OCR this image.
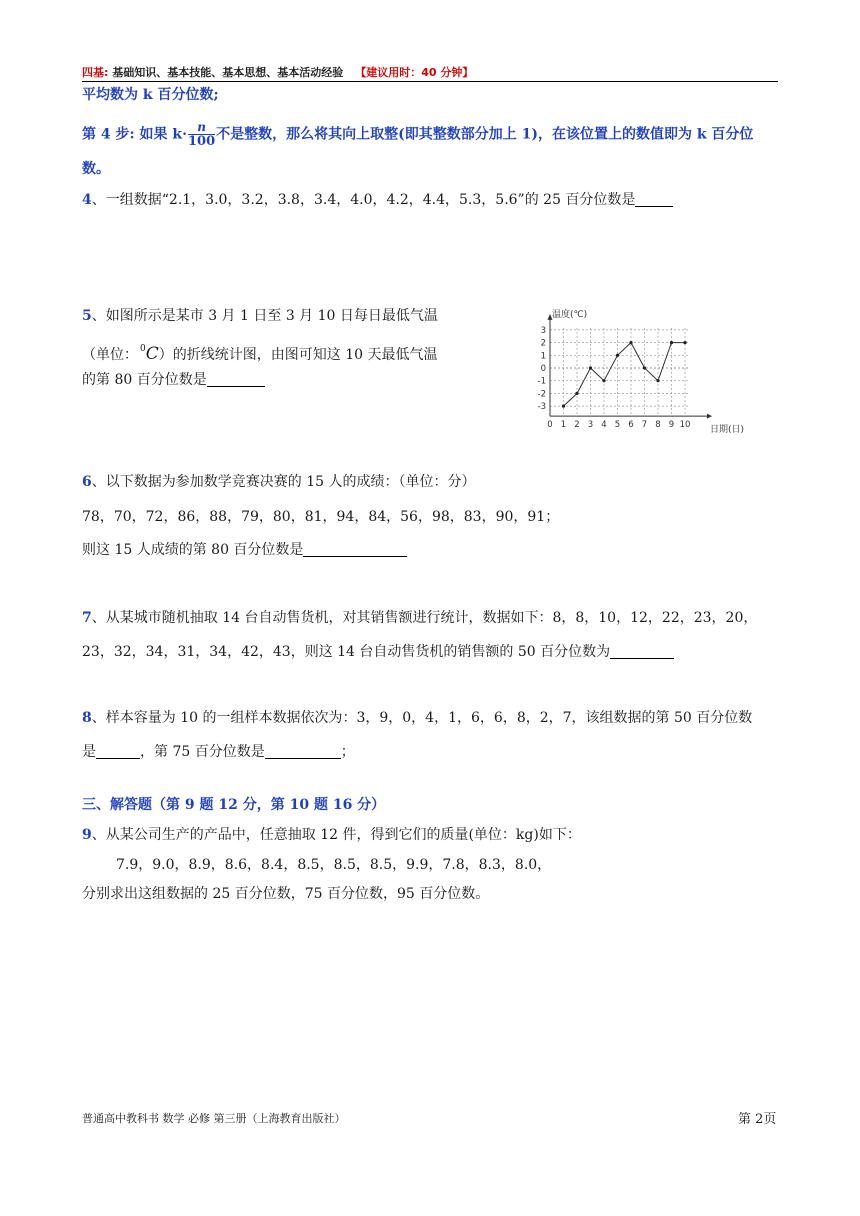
四基: 基础知识、基本技能、基本思想、基本活动经验 【建议用时：40 分钟】
平均数为 k 百分位数;
第 4 步: 如果 $k\cdot \frac{n}{100}$ 不是整数，那么将其向上取整(即其整数部分加上 1)，在该位置上的数值即为 k 百分位
数。
4、一组数据“2.1，3.0，3.2，3.8，3.4，4.0，4.2，4.4，5.3，5.6”的 25 百分位数是
5、如图所示是某市 3 月 1 日至 3 月 10 日每日最低气温
（单位： $^0$C）的折线统计图，由图可知这 10 天最低气温
的第 80 百分位数是
温度(℃)
日期(日)
0 1 2 3 4 5 6 7 8 9 10
-3
-2
-1
0
1
2
3
6、以下数据为参加数学竞赛决赛的 15 人的成绩：（单位：分）
78，70，72，86，88，79，80，81，94，84，56，98，83，90，91；
则这 15 人成绩的第 80 百分位数是
7、从某城市随机抽取 14 台自动售货机，对其销售额进行统计，数据如下：8，8，10，12，22，23，20，
23，32，34，31，34，42，43，则这 14 台自动售货机的销售额的 50 百分位数为
8、样本容量为 10 的一组样本数据依次为：3，9，0，4，1，6，6，8，2，7，该组数据的第 50 百分位数
是	，第 75 百分位数是	；
三、解答题（第 9 题 12 分，第 10 题 16 分）
9、从某公司生产的产品中，任意抽取 12 件，得到它们的质量(单位：kg)如下：
7.9，9.0，8.9，8.6，8.4，8.5，8.5，8.5，9.9，7.8，8.3，8.0，
分别求出这组数据的 25 百分位数，75 百分位数，95 百分位数。
普通高中教科书 数学 必修 第三册（上海教育出版社）	第 2页
